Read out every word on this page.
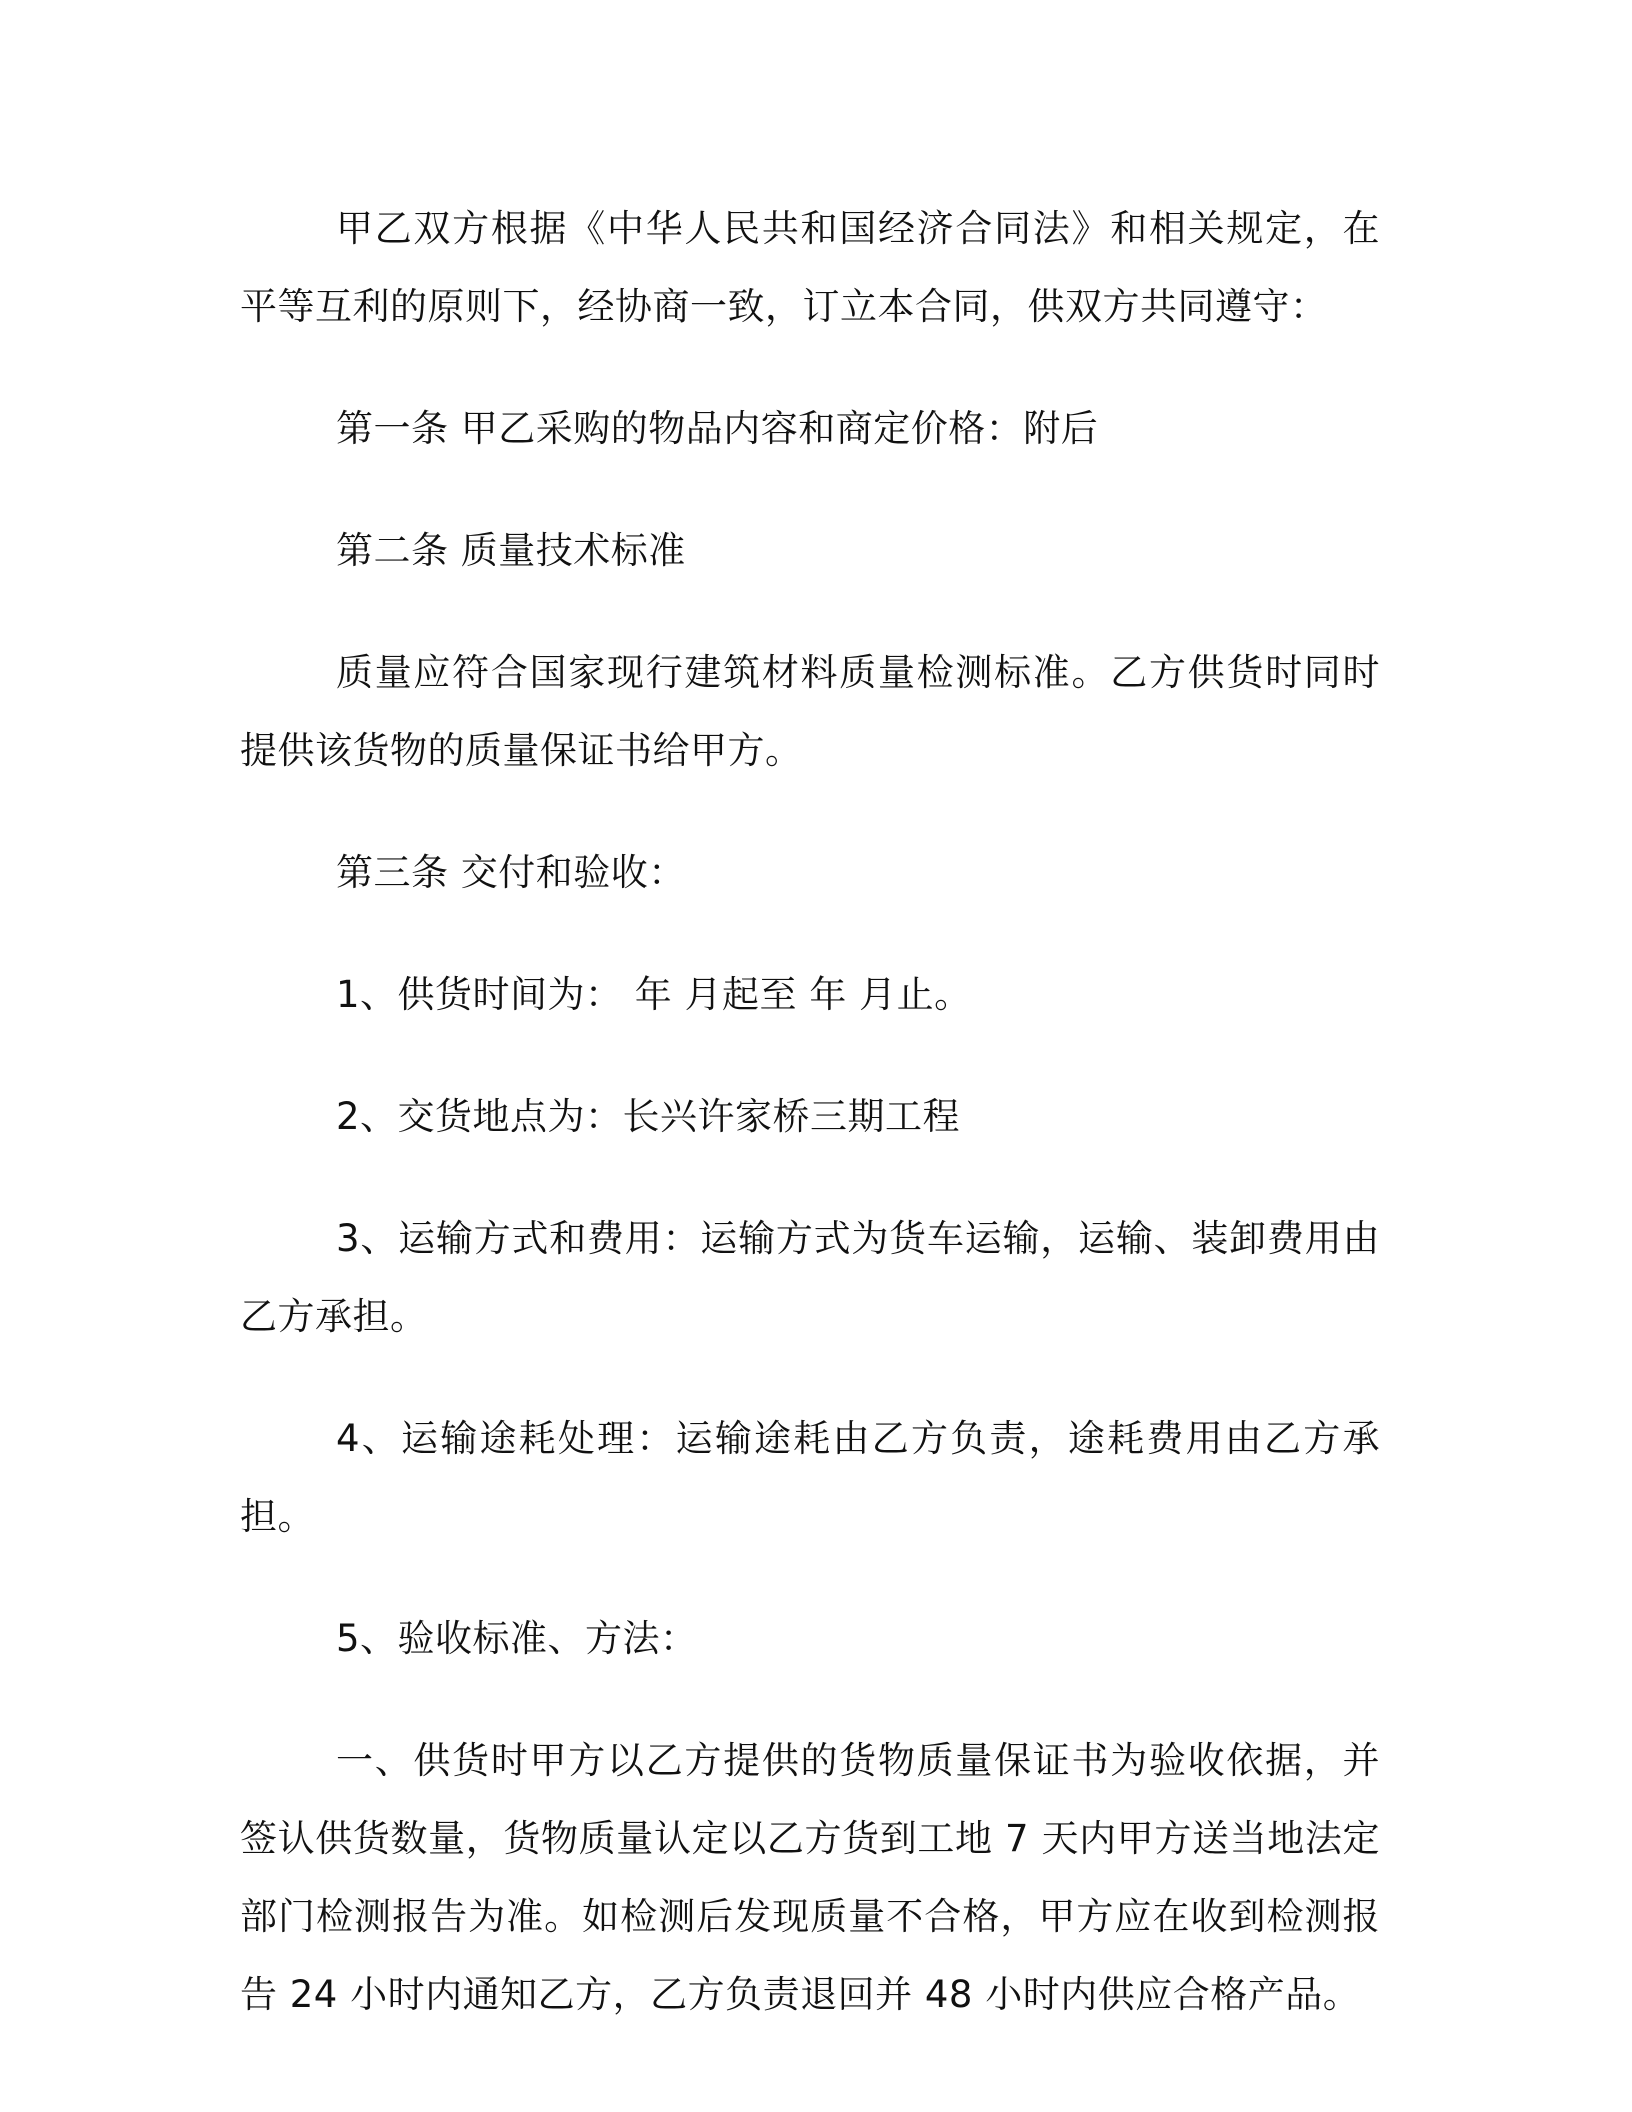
甲乙双方根据《中华人民共和国经济合同法》和相关规定，在平等互利的原则下，经协商一致，订立本合同，供双方共同遵守：

第一条 甲乙采购的物品内容和商定价格：附后

第二条 质量技术标准

质量应符合国家现行建筑材料质量检测标准。乙方供货时同时提供该货物的质量保证书给甲方。

第三条 交付和验收：

1、供货时间为： 年 月起至 年 月止。

2、交货地点为：长兴许家桥三期工程

3、运输方式和费用：运输方式为货车运输，运输、装卸费用由乙方承担。

4、运输途耗处理：运输途耗由乙方负责，途耗费用由乙方承担。

5、验收标准、方法：

一、供货时甲方以乙方提供的货物质量保证书为验收依据，并签认供货数量，货物质量认定以乙方货到工地 7 天内甲方送当地法定部门检测报告为准。如检测后发现质量不合格，甲方应在收到检测报告 24 小时内通知乙方，乙方负责退回并 48 小时内供应合格产品。
